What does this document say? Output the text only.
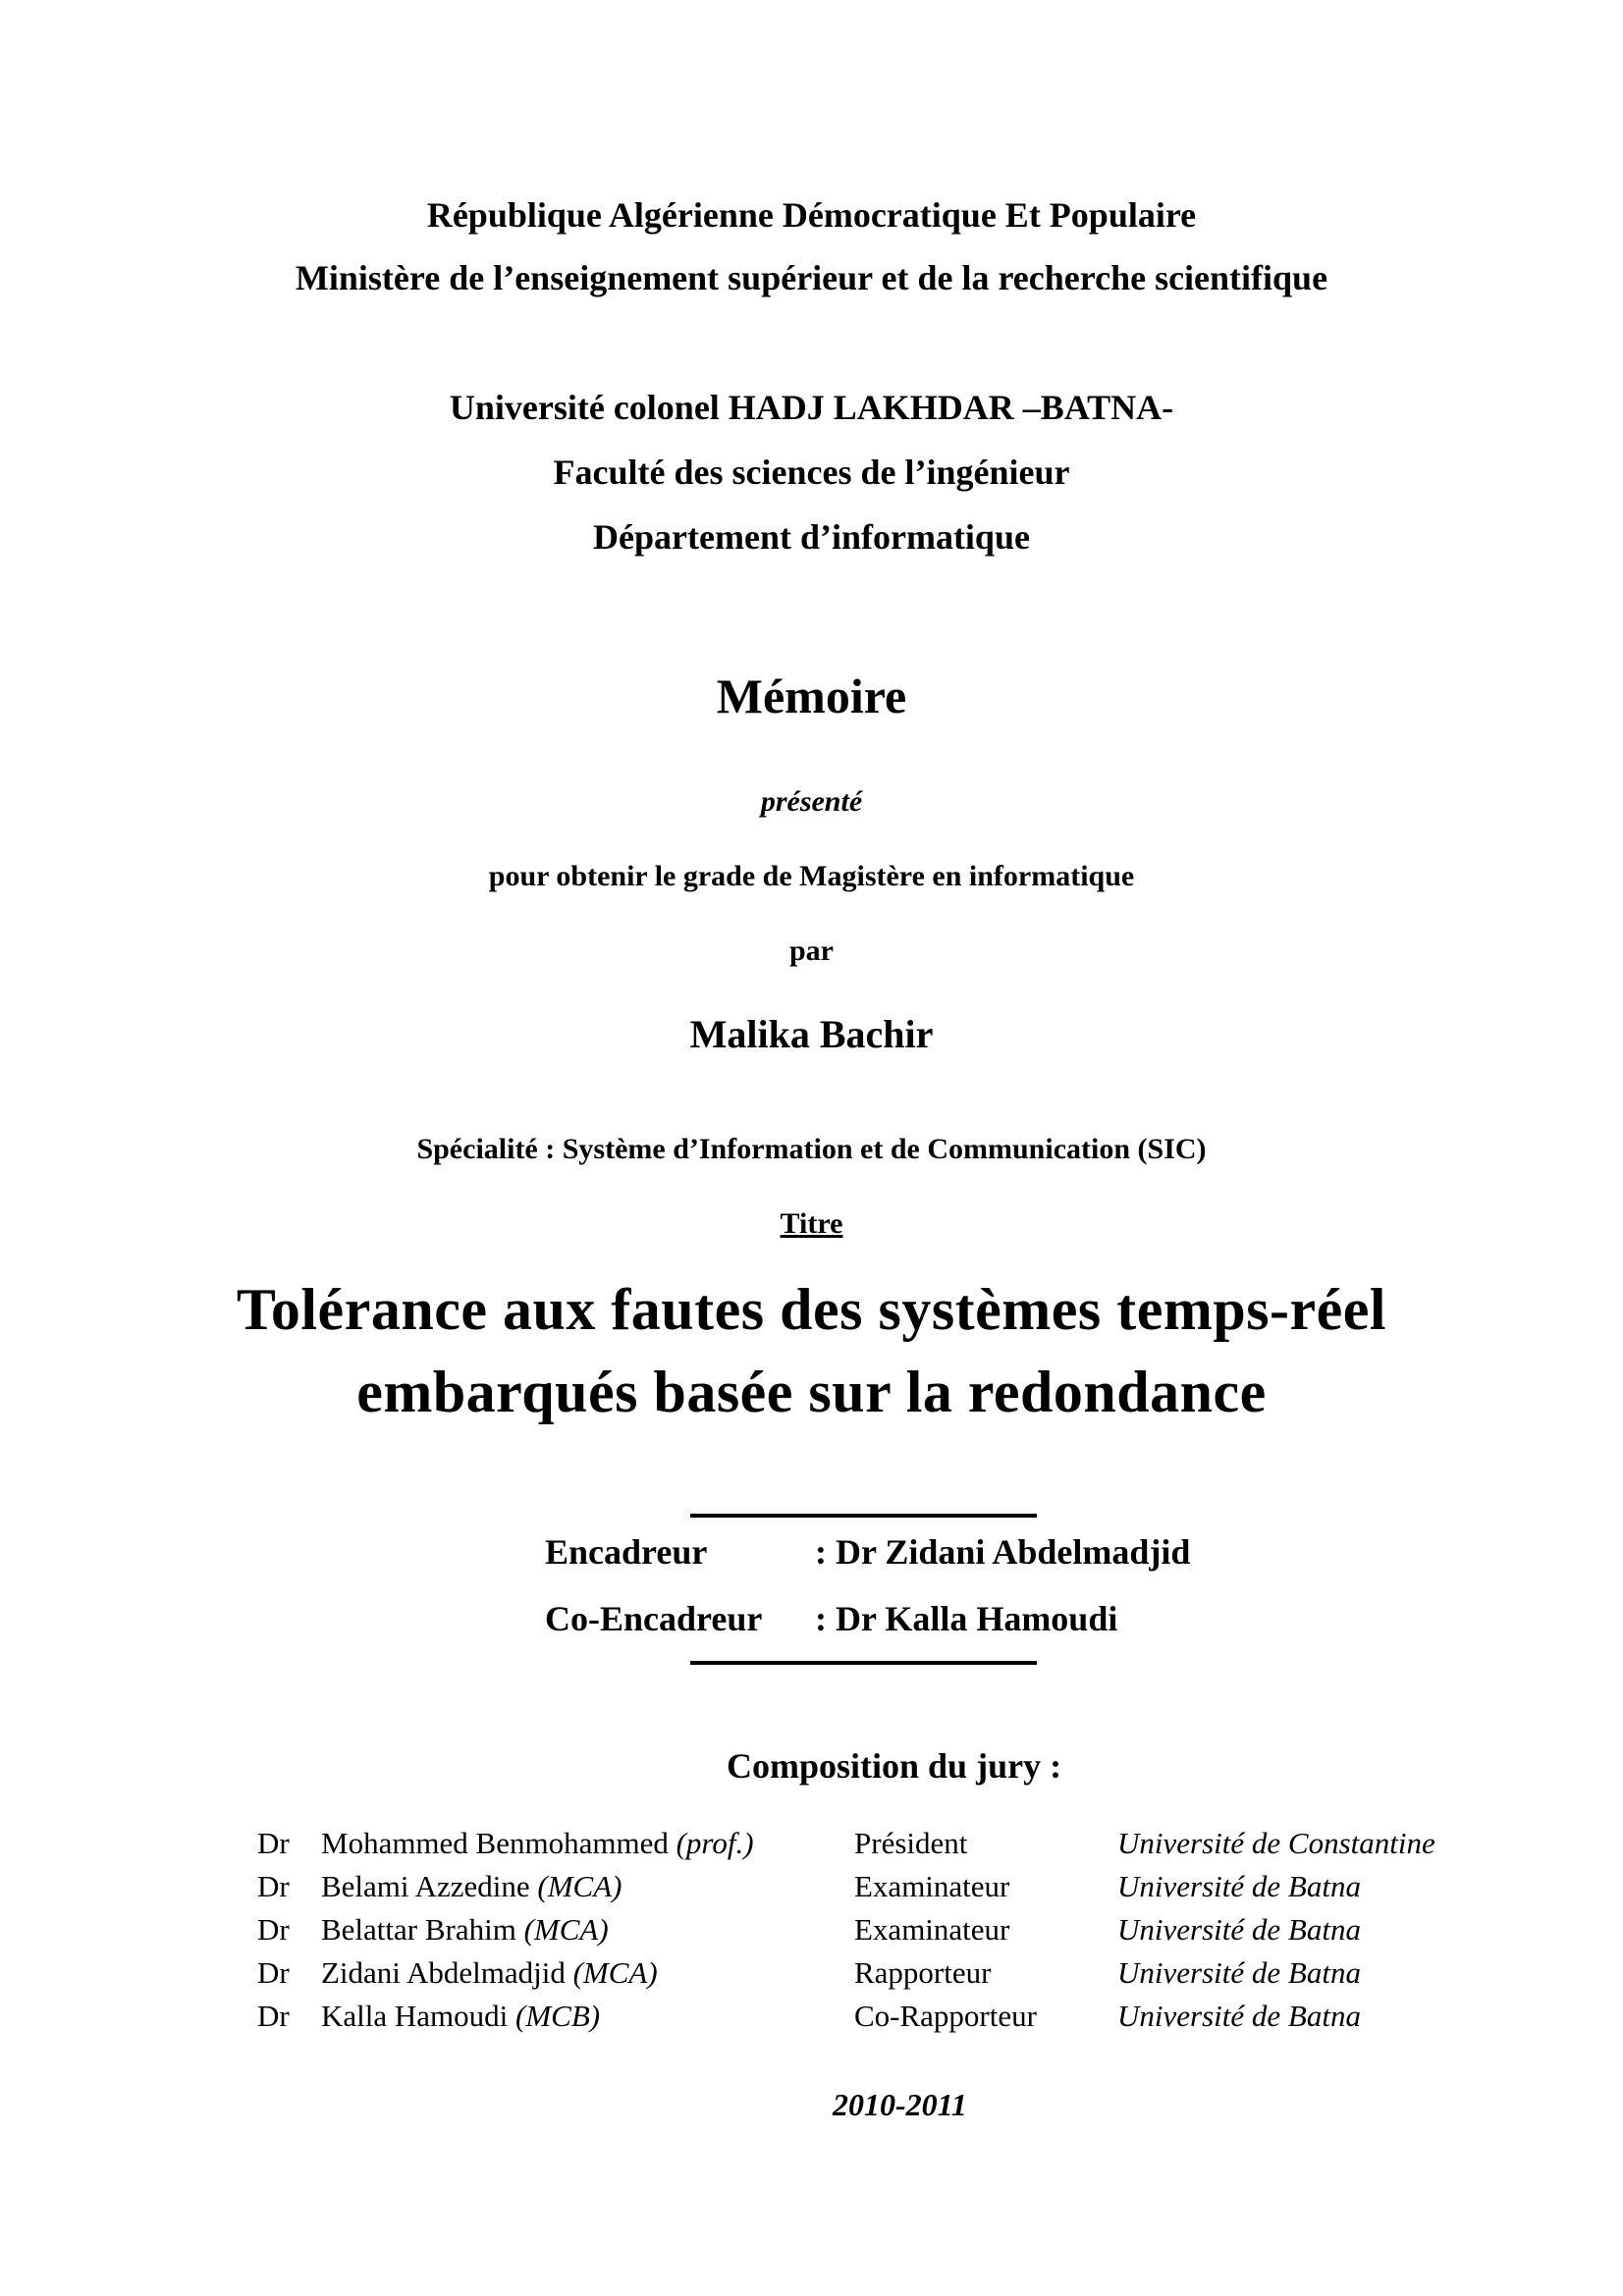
République Algérienne Démocratique Et Populaire
Ministère de l’enseignement supérieur et de la recherche scientifique
Université colonel HADJ LAKHDAR –BATNA-
Faculté des sciences de l’ingénieur
Département d’informatique
Mémoire
présenté
pour obtenir le grade de Magistère en informatique
par
Malika Bachir
Spécialité : Système d’Information et de Communication (SIC)
Titre
Tolérance aux fautes des systèmes temps-réel
embarqués basée sur la redondance
Encadreur	: Dr Zidani Abdelmadjid
Co-Encadreur : Dr Kalla Hamoudi
Composition du jury :
Dr Mohammed Benmohammed (prof.)	Président	Université de Constantine
Dr Belami Azzedine (MCA)	Examinateur	Université de Batna
Dr Belattar Brahim (MCA)	Examinateur	Université de Batna
Dr Zidani Abdelmadjid (MCA)	Rapporteur	Université de Batna
Dr Kalla Hamoudi (MCB)	Co-Rapporteur	Université de Batna
2010-2011
